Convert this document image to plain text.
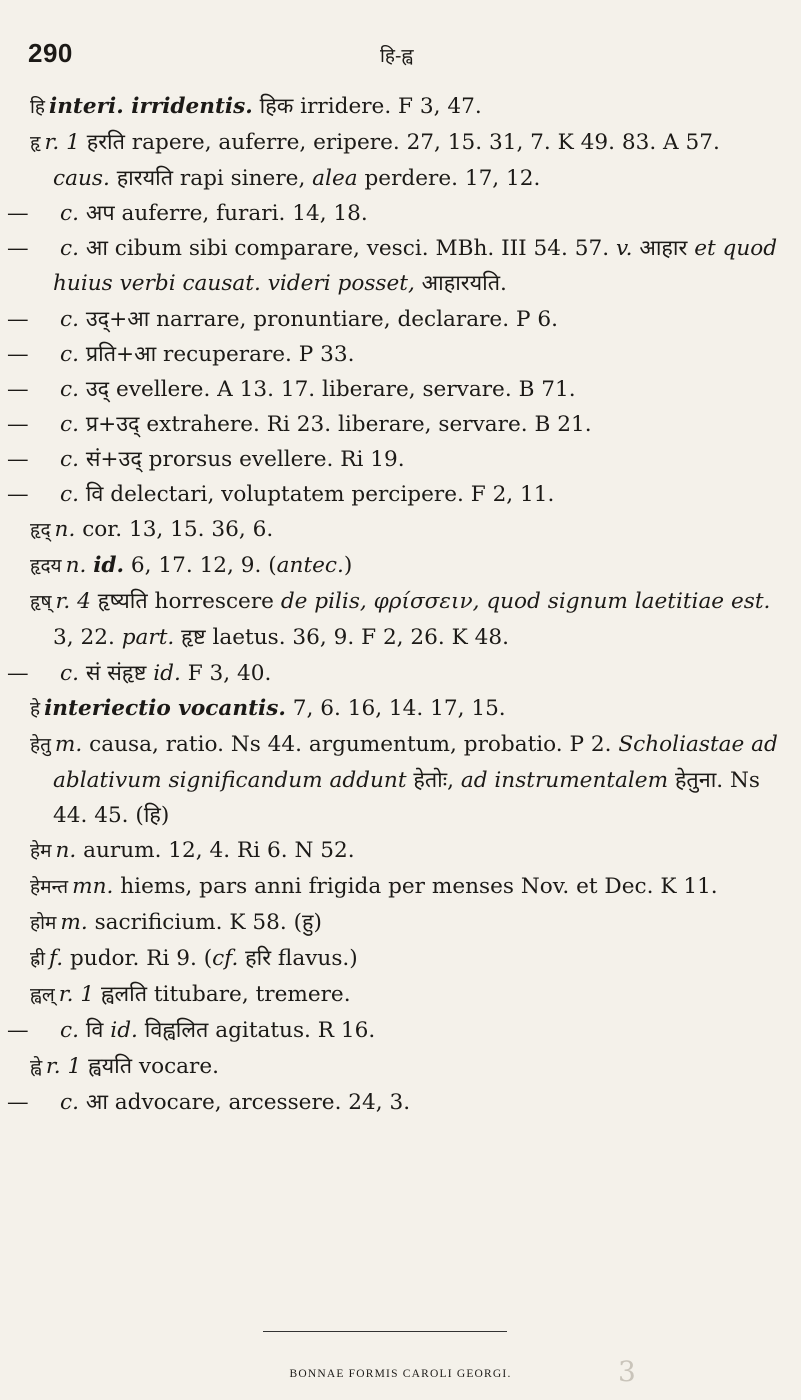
290	हि-ह्व

हि interi. irridentis. हिक irridere. F 3, 47.

हृ r. 1 हरति rapere, auferre, eripere. 27, 15. 31, 7. K 49. 83. A 57. caus. हारयति rapi sinere, alea perdere. 17, 12.

— c. अप auferre, furari. 14, 18.

— c. आ cibum sibi comparare, vesci. MBh. III 54. 57. v. आहार et quod huius verbi causat. videri posset, आहारयति.

— c. उद्+आ narrare, pronuntiare, declarare. P 6.

— c. प्रति+आ recuperare. P 33.

— c. उद् evellere. A 13. 17. liberare, servare. B 71.

— c. प्र+उद् extrahere. Ri 23. liberare, servare. B 21.

— c. सं+उद् prorsus evellere. Ri 19.

— c. वि delectari, voluptatem percipere. F 2, 11.

हृद् n. cor. 13, 15. 36, 6.

हृदय n. id. 6, 17. 12, 9. (antec.)

हृष् r. 4 हृष्यति horrescere de pilis, φρίσσειν, quod signum laetitiae est. 3, 22. part. हृष्ट laetus. 36, 9. F 2, 26. K 48.

— c. सं संहृष्ट id. F 3, 40.

हे interiectio vocantis. 7, 6. 16, 14. 17, 15.

हेतु m. causa, ratio. Ns 44. argumentum, probatio. P 2. Scholiastae ad ablativum significandum addunt हेतोः, ad instrumentalem हेतुना. Ns 44. 45. (हि)

हेम n. aurum. 12, 4. Ri 6. N 52.

हेमन्त mn. hiems, pars anni frigida per menses Nov. et Dec. K 11.

होम m. sacrificium. K 58. (हु)

ह्री f. pudor. Ri 9. (cf. हरि flavus.)

ह्वल् r. 1 ह्वलति titubare, tremere.

— c. वि id. विह्वलित agitatus. R 16.

ह्वे r. 1 ह्वयति vocare.

— c. आ advocare, arcessere. 24, 3.

BONNAE FORMIS CAROLI GEORGI.	3
